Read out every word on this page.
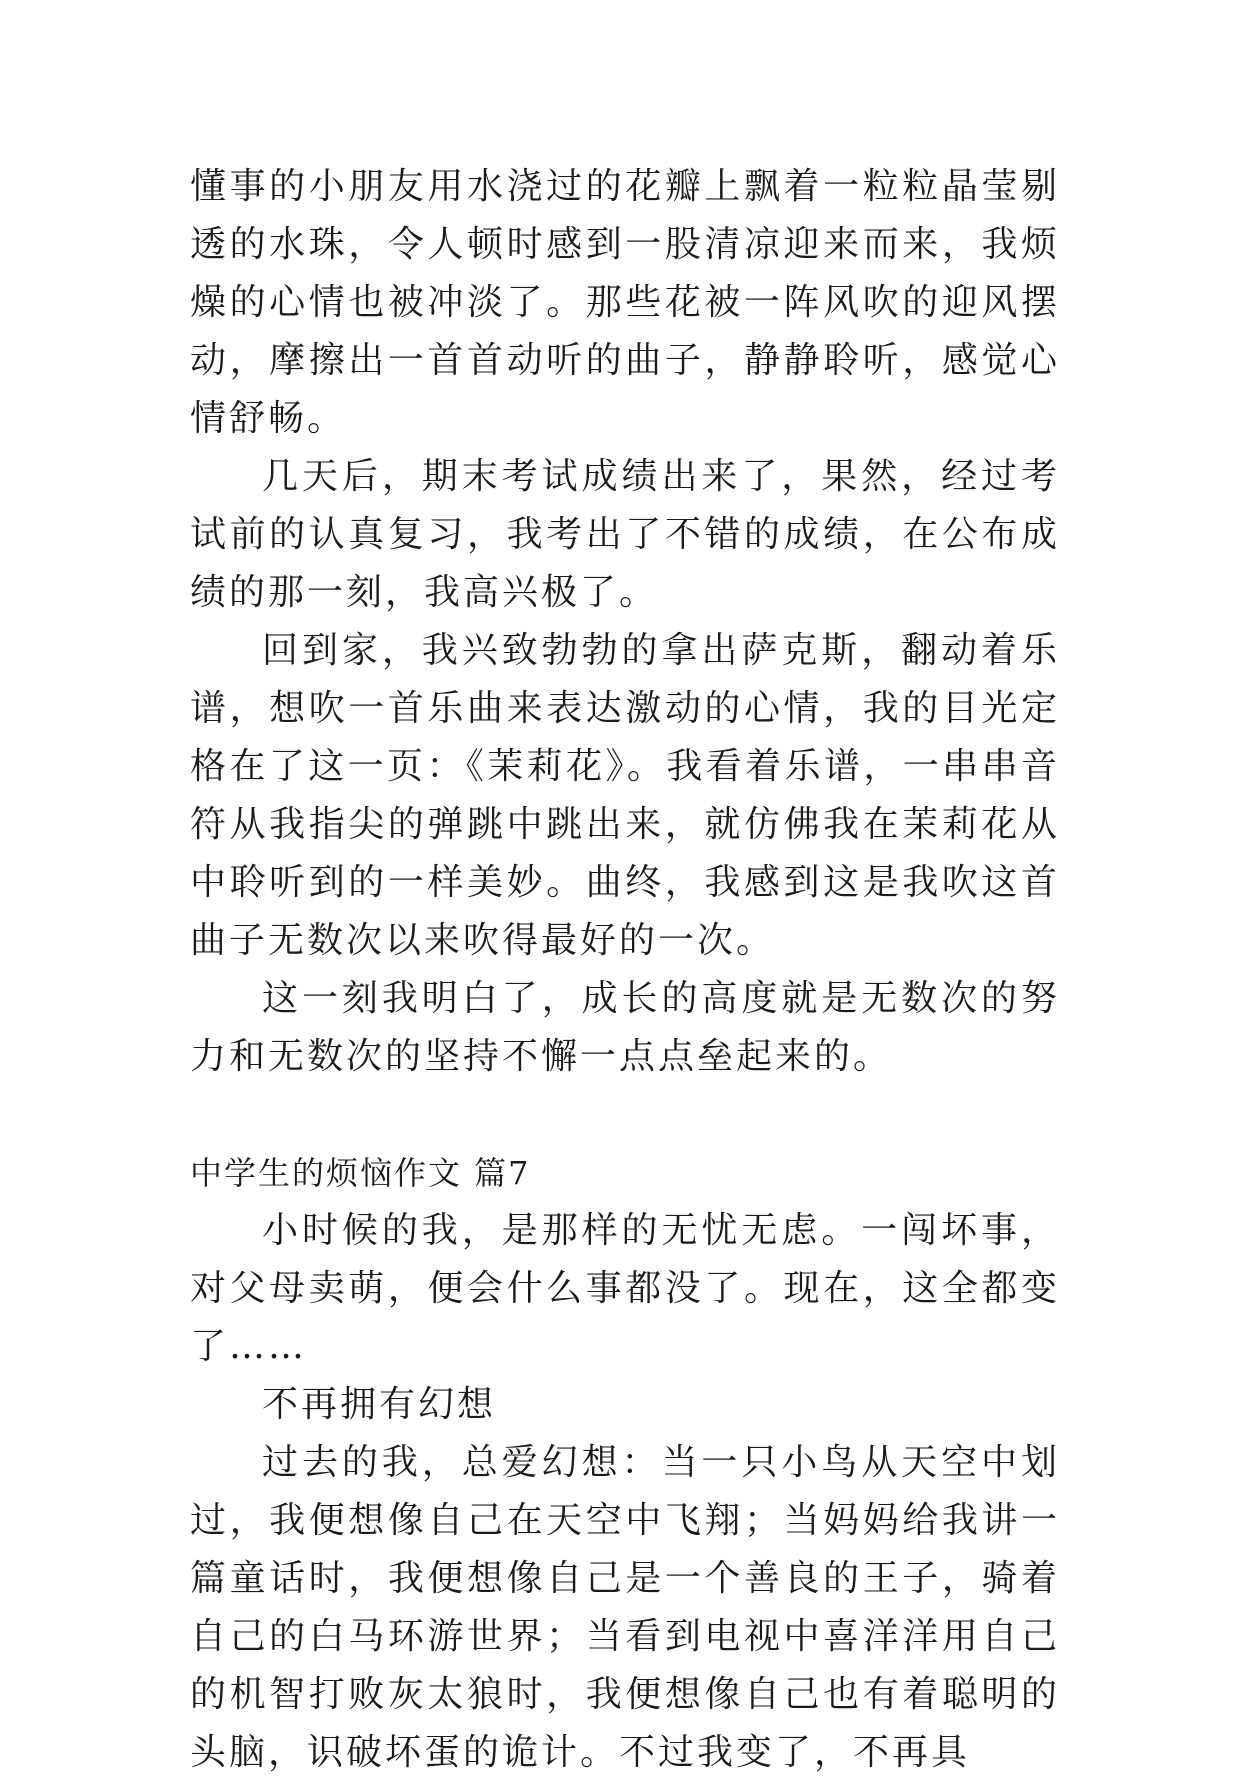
懂事的小朋友用水浇过的花瓣上飘着一粒粒晶莹剔透的水珠，令人顿时感到一股清凉迎来而来，我烦燥的心情也被冲淡了。那些花被一阵风吹的迎风摆动，摩擦出一首首动听的曲子，静静聆听，感觉心情舒畅。

几天后，期末考试成绩出来了，果然，经过考试前的认真复习，我考出了不错的成绩，在公布成绩的那一刻，我高兴极了。

回到家，我兴致勃勃的拿出萨克斯，翻动着乐谱，想吹一首乐曲来表达激动的心情，我的目光定格在了这一页：《茉莉花》。我看着乐谱，一串串音符从我指尖的弹跳中跳出来，就仿佛我在茉莉花从中聆听到的一样美妙。曲终，我感到这是我吹这首曲子无数次以来吹得最好的一次。

这一刻我明白了，成长的高度就是无数次的努力和无数次的坚持不懈一点点垒起来的。

中学生的烦恼作文 篇7

小时候的我，是那样的无忧无虑。一闯坏事，对父母卖萌，便会什么事都没了。现在，这全都变了……

不再拥有幻想

过去的我，总爱幻想：当一只小鸟从天空中划过，我便想像自己在天空中飞翔；当妈妈给我讲一篇童话时，我便想像自己是一个善良的王子，骑着自己的白马环游世界；当看到电视中喜洋洋用自己的机智打败灰太狼时，我便想像自己也有着聪明的头脑，识破坏蛋的诡计。不过我变了，不再具
